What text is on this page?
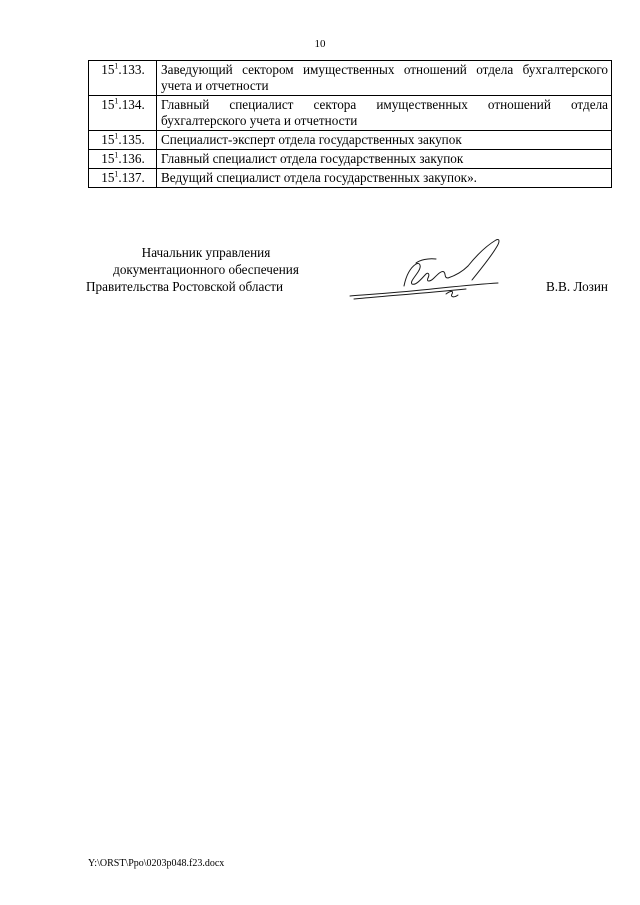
10
$15^1.133$.	Заведующий сектором имущественных отношений отдела бухгалтерского учета и отчетности
$15^1.134$.	Главный специалист сектора имущественных отношений отдела бухгалтерского учета и отчетности
$15^1.135$.	Специалист-эксперт отдела государственных закупок
$15^1.136$.	Главный специалист отдела государственных закупок
$15^1.137$.	Ведущий специалист отдела государственных закупок».
Начальник управления
документационного обеспечения
Правительства Ростовской области	В.В. Лозин
Y:\ORST\Ppo\0203p048.f23.docx
